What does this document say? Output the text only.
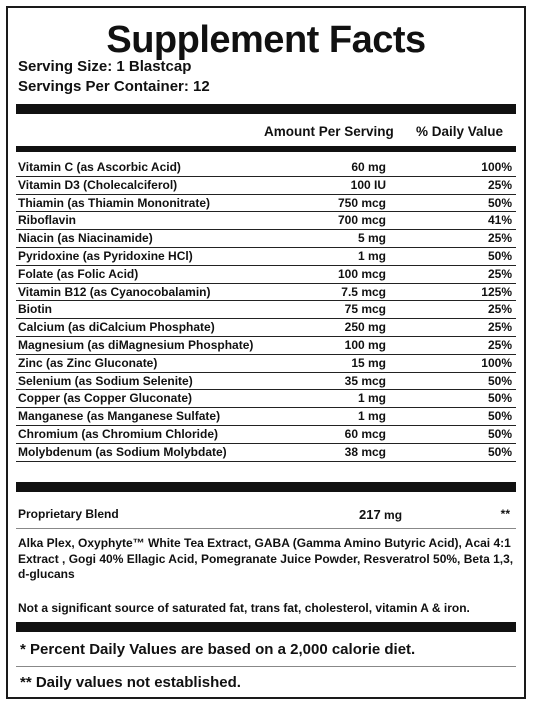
Supplement Facts
Serving Size: 1 Blastcap
Servings Per Container: 12
Amount Per Serving % Daily Value
Vitamin C (as Ascorbic Acid)	60 mg	100%
Vitamin D3 (Cholecalciferol)	100 IU	25%
Thiamin (as Thiamin Mononitrate)	750 mcg	50%
Riboflavin	700 mcg	41%
Niacin (as Niacinamide)	5 mg	25%
Pyridoxine (as Pyridoxine HCl)	1 mg	50%
Folate (as Folic Acid)	100 mcg	25%
Vitamin B12 (as Cyanocobalamin)	7.5 mcg	125%
Biotin	75 mcg	25%
Calcium (as diCalcium Phosphate)	250 mg	25%
Magnesium (as diMagnesium Phosphate)	100 mg	25%
Zinc (as Zinc Gluconate)	15 mg	100%
Selenium (as Sodium Selenite)	35 mcg	50%
Copper (as Copper Gluconate)	1 mg	50%
Manganese (as Manganese Sulfate)	1 mg	50%
Chromium (as Chromium Chloride)	60 mcg	50%
Molybdenum (as Sodium Molybdate)	38 mcg	50%
Proprietary Blend	217 mg	**
Alka Plex, Oxyphyte™ White Tea Extract, GABA (Gamma Amino Butyric Acid), Acai 4:1 Extract , Gogi 40% Ellagic Acid, Pomegranate Juice Powder, Resveratrol 50%, Beta 1,3, d-glucans
Not a significant source of saturated fat, trans fat, cholesterol, vitamin A & iron.
* Percent Daily Values are based on a 2,000 calorie diet.
** Daily values not established.
